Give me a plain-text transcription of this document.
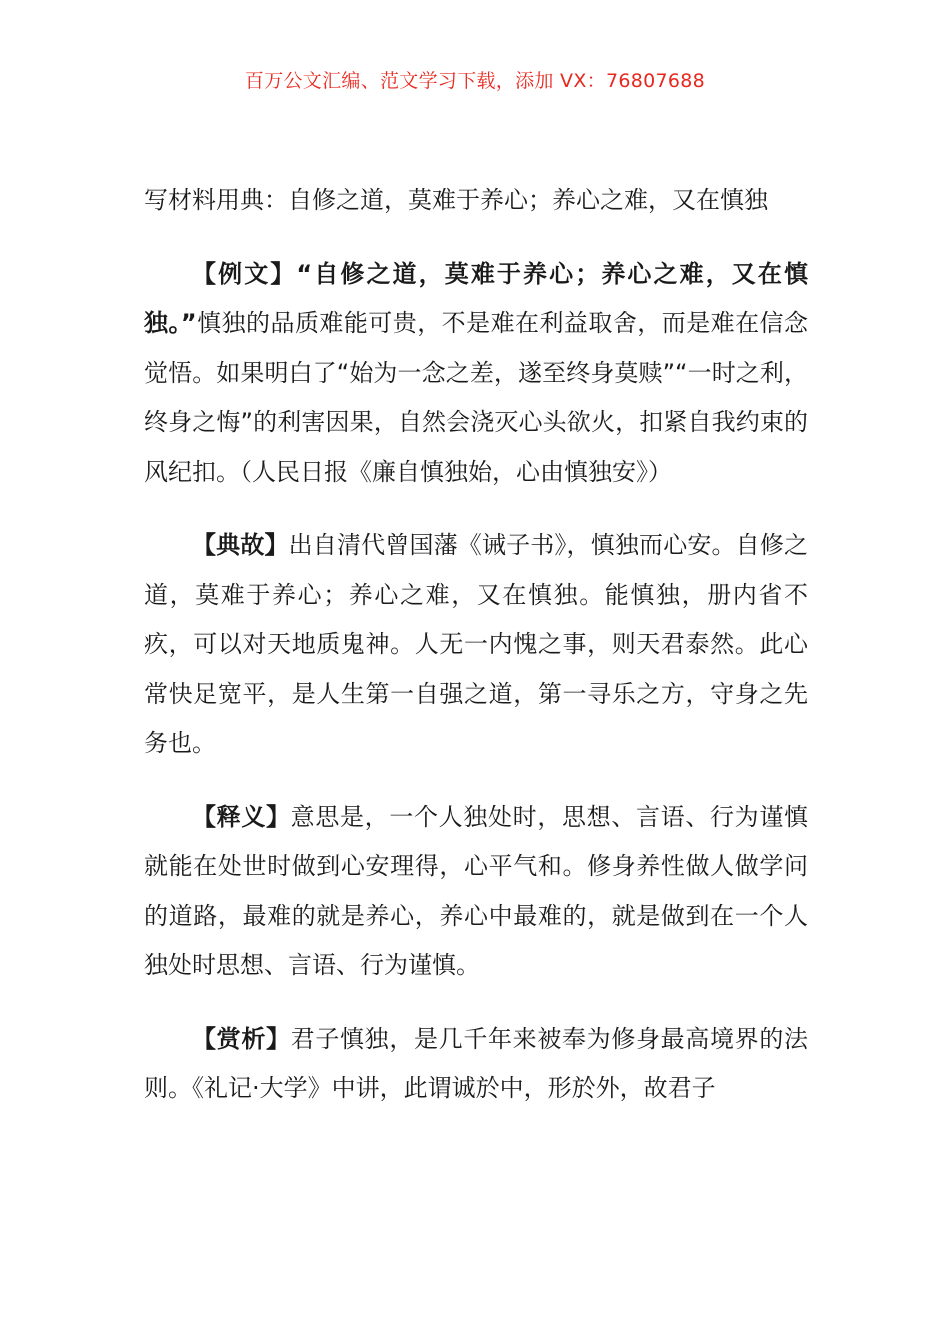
百万公文汇编、范文学习下载，添加 VX：76807688

写材料用典：自修之道，莫难于养心；养心之难，又在慎独

【例文】“自修之道，莫难于养心；养心之难，又在慎独。”慎独的品质难能可贵，不是难在利益取舍，而是难在信念觉悟。如果明白了“始为一念之差，遂至终身莫赎”“一时之利，终身之悔”的利害因果，自然会浇灭心头欲火，扣紧自我约束的风纪扣。（人民日报《廉自慎独始，心由慎独安》）

【典故】出自清代曾国藩《诫子书》，慎独而心安。自修之道，莫难于养心；养心之难，又在慎独。能慎独，册内省不疚，可以对天地质鬼神。人无一内愧之事，则天君泰然。此心常快足宽平，是人生第一自强之道，第一寻乐之方，守身之先务也。

【释义】意思是，一个人独处时，思想、言语、行为谨慎就能在处世时做到心安理得，心平气和。修身养性做人做学问的道路，最难的就是养心，养心中最难的，就是做到在一个人独处时思想、言语、行为谨慎。

【赏析】君子慎独，是几千年来被奉为修身最高境界的法则。《礼记·大学》中讲，此谓诚於中，形於外，故君子
